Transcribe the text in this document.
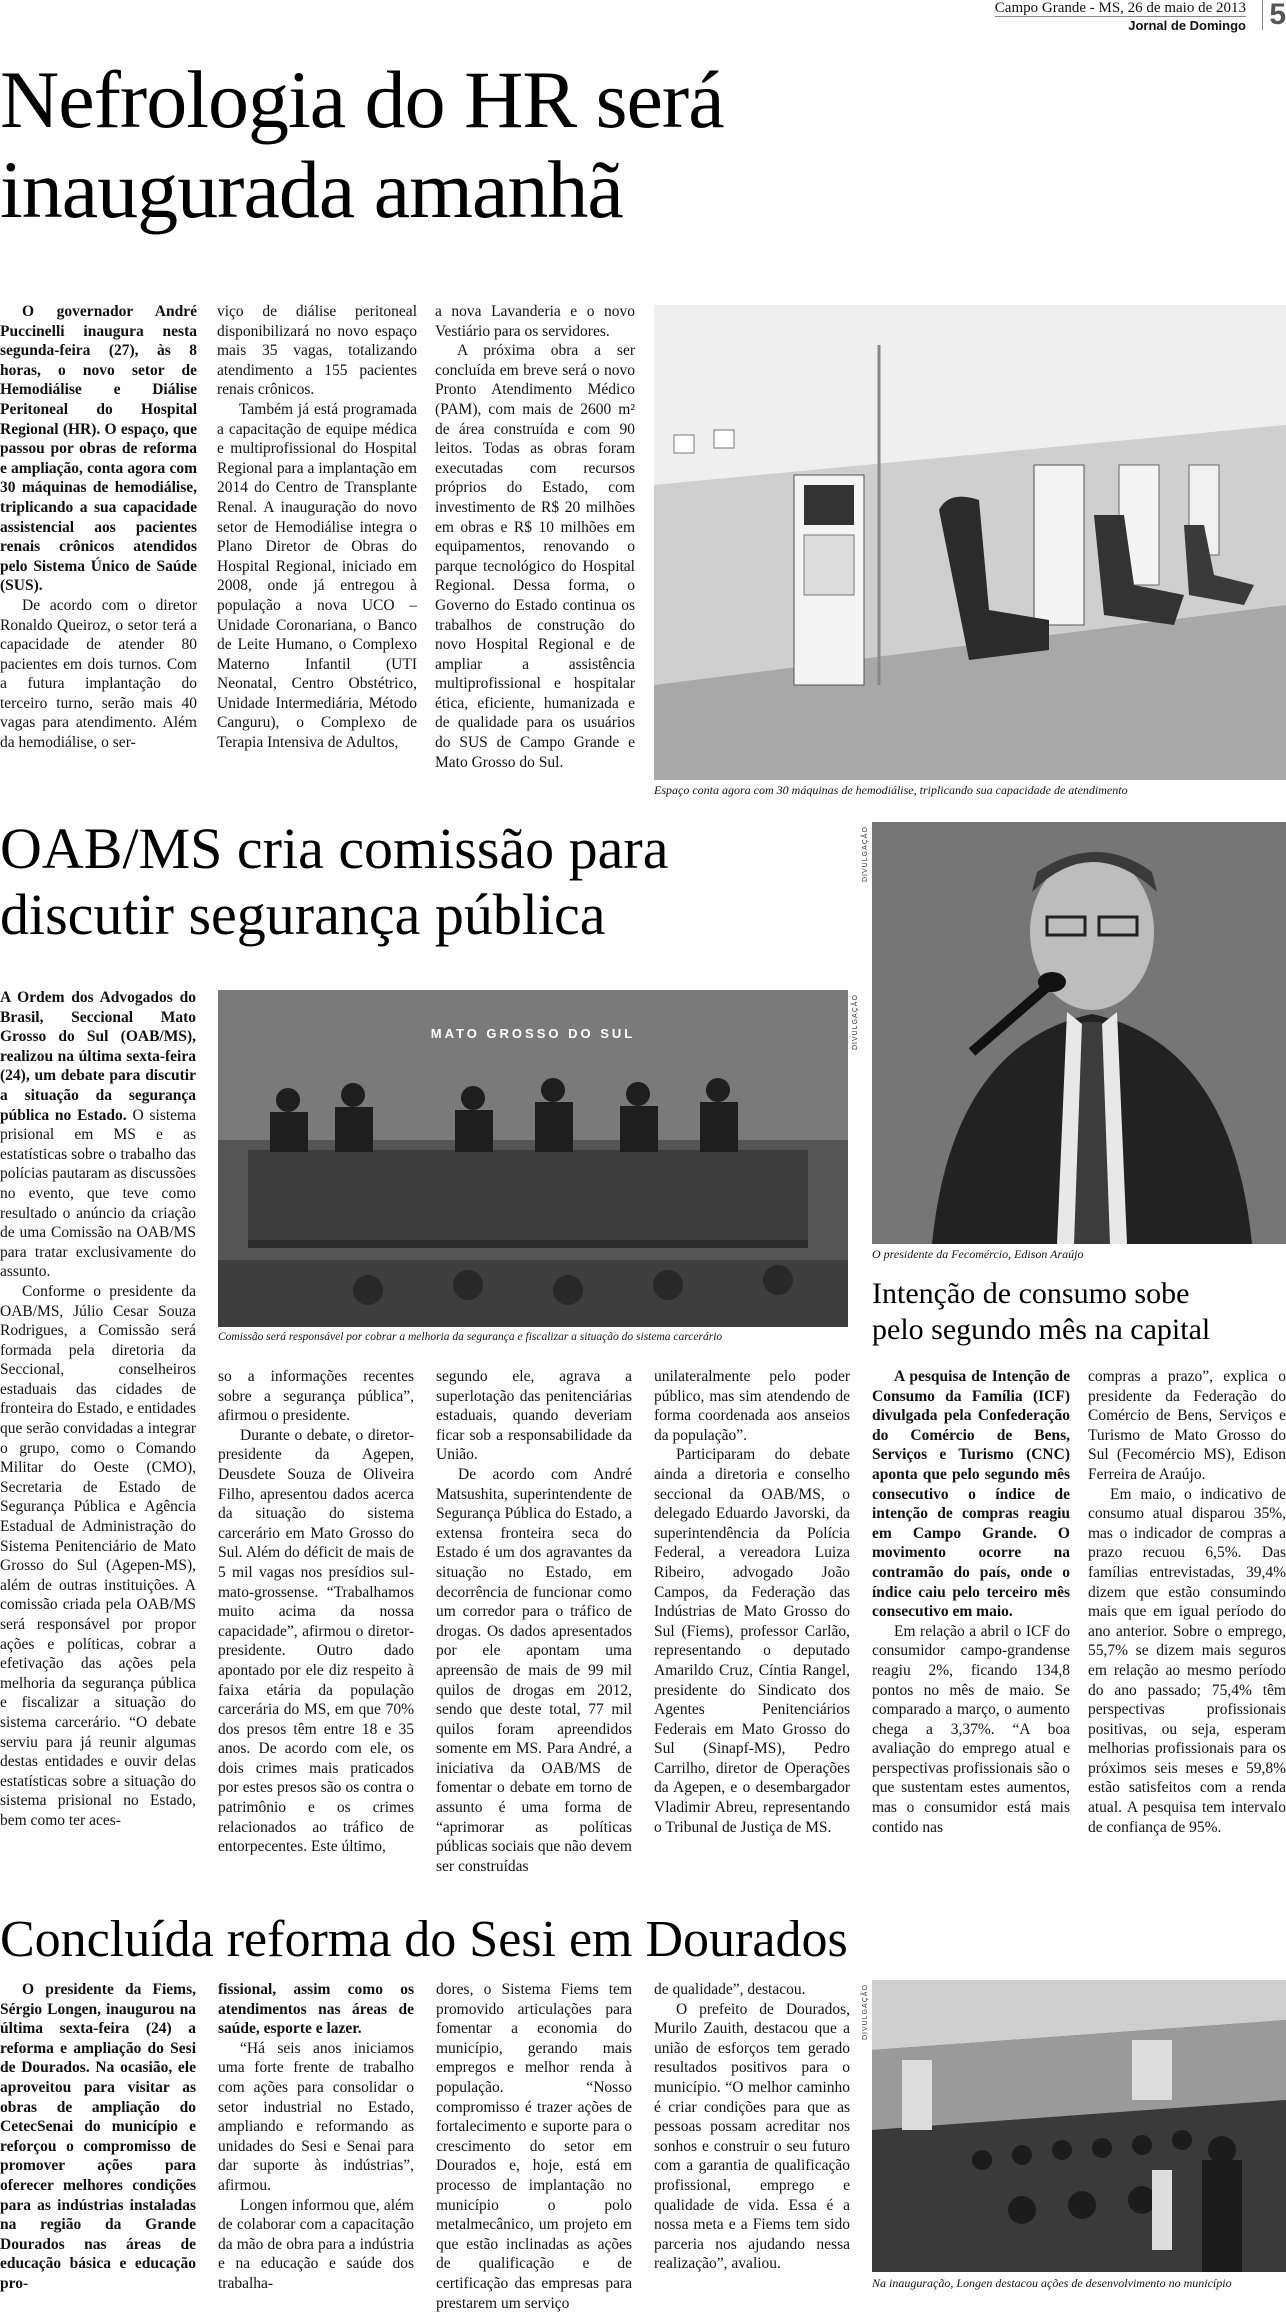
Campo Grande - MS, 26 de maio de 2013
Jornal de Domingo 5
Nefrologia do HR será
inaugurada amanhã

O governador André Puccinelli inaugura nesta segunda-feira (27), às 8 horas, o novo setor de Hemodiálise e Diálise Peritoneal do Hospital Regional (HR). O espaço, que passou por obras de reforma e ampliação, conta agora com 30 máquinas de hemodiálise, triplicando a sua capacidade assistencial aos pacientes renais crônicos atendidos pelo Sistema Único de Saúde (SUS).

De acordo com o diretor Ronaldo Queiroz, o setor terá a capacidade de atender 80 pacientes em dois turnos. Com a futura implantação do terceiro turno, serão mais 40 vagas para atendimento. Além da hemodiálise, o ser-

viço de diálise peritoneal disponibilizará no novo espaço mais 35 vagas, totalizando atendimento a 155 pacientes renais crônicos.

Também já está programada a capacitação de equipe médica e multiprofissional do Hospital Regional para a implantação em 2014 do Centro de Transplante Renal. A inauguração do novo setor de Hemodiálise integra o Plano Diretor de Obras do Hospital Regional, iniciado em 2008, onde já entregou à população a nova UCO – Unidade Coronariana, o Banco de Leite Humano, o Complexo Materno Infantil (UTI Neonatal, Centro Obstétrico, Unidade Intermediária, Método Canguru), o Complexo de Terapia Intensiva de Adultos,

a nova Lavanderia e o novo Vestiário para os servidores.

A próxima obra a ser concluída em breve será o novo Pronto Atendimento Médico (PAM), com mais de 2600 m² de área construída e com 90 leitos. Todas as obras foram executadas com recursos próprios do Estado, com investimento de R$ 20 milhões em obras e R$ 10 milhões em equipamentos, renovando o parque tecnológico do Hospital Regional. Dessa forma, o Governo do Estado continua os trabalhos de construção do novo Hospital Regional e de ampliar a assistência multiprofissional e hospitalar ética, eficiente, humanizada e de qualidade para os usuários do SUS de Campo Grande e Mato Grosso do Sul.

Espaço conta agora com 30 máquinas de hemodiálise, triplicando sua capacidade de atendimento
OAB/MS cria comissão para
discutir segurança pública

A Ordem dos Advogados do Brasil, Seccional Mato Grosso do Sul (OAB/MS), realizou na última sexta-feira (24), um debate para discutir a situação da segurança pública no Estado.

O sistema prisional em MS e as estatísticas sobre o trabalho das polícias pautaram as discussões no evento, que teve como resultado o anúncio da criação de uma Comissão na OAB/MS para tratar exclusivamente do assunto.

Conforme o presidente da OAB/MS, Júlio Cesar Souza Rodrigues, a Comissão será formada pela diretoria da Seccional, conselheiros estaduais das cidades de fronteira do Estado, e entidades que serão convidadas a integrar o grupo, como o Comando Militar do Oeste (CMO), Secretaria de Estado de Segurança Pública e Agência Estadual de Administração do Sistema Penitenciário de Mato Grosso do Sul (Agepen-MS), além de outras instituições. A comissão criada pela OAB/MS será responsável por propor ações e políticas, cobrar a efetivação das ações pela melhoria da segurança pública e fiscalizar a situação do sistema carcerário. “O debate serviu para já reunir algumas destas entidades e ouvir delas estatísticas sobre a situação do sistema prisional no Estado, bem como ter aces-

MATO GROSSO DO SUL	DIVULGAÇÃO
Comissão será responsável por cobrar a melhoria da segurança e fiscalizar a situação do sistema carcerário

so a informações recentes sobre a segurança pública”, afirmou o presidente.

Durante o debate, o diretor-presidente da Agepen, Deusdete Souza de Oliveira Filho, apresentou dados acerca da situação do sistema carcerário em Mato Grosso do Sul. Além do déficit de mais de 5 mil vagas nos presídios sul-mato-grossense. “Trabalhamos muito acima da nossa capacidade”, afirmou o diretor-presidente. Outro dado apontado por ele diz respeito à faixa etária da população carcerária do MS, em que 70% dos presos têm entre 18 e 35 anos. De acordo com ele, os dois crimes mais praticados por estes presos são os contra o patrimônio e os crimes relacionados ao tráfico de entorpecentes. Este último,

segundo ele, agrava a superlotação das penitenciárias estaduais, quando deveriam ficar sob a responsabilidade da União.

De acordo com André Matsushita, superintendente de Segurança Pública do Estado, a extensa fronteira seca do Estado é um dos agravantes da situação no Estado, em decorrência de funcionar como um corredor para o tráfico de drogas. Os dados apresentados por ele apontam uma apreensão de mais de 99 mil quilos de drogas em 2012, sendo que deste total, 77 mil quilos foram apreendidos somente em MS. Para André, a iniciativa da OAB/MS de fomentar o debate em torno de assunto é uma forma de “aprimorar as políticas públicas sociais que não devem ser construídas

unilateralmente pelo poder público, mas sim atendendo de forma coordenada aos anseios da população”.

Participaram do debate ainda a diretoria e conselho seccional da OAB/MS, o delegado Eduardo Javorski, da superintendência da Polícia Federal, a vereadora Luiza Ribeiro, advogado João Campos, da Federação das Indústrias de Mato Grosso do Sul (Fiems), professor Carlão, representando o deputado Amarildo Cruz, Cíntia Rangel, presidente do Sindicato dos Agentes Penitenciários Federais em Mato Grosso do Sul (Sinapf-MS), Pedro Carrilho, diretor de Operações da Agepen, e o desembargador Vladimir Abreu, representando o Tribunal de Justiça de MS.

DIVULGAÇÃO
O presidente da Fecomércio, Edison Araújo
Intenção de consumo sobe
pelo segundo mês na capital

A pesquisa de Intenção de Consumo da Família (ICF) divulgada pela Confederação do Comércio de Bens, Serviços e Turismo (CNC) aponta que pelo segundo mês consecutivo o índice de intenção de compras reagiu em Campo Grande. O movimento ocorre na contramão do país, onde o índice caiu pelo terceiro mês consecutivo em maio.

Em relação a abril o ICF do consumidor campo-grandense reagiu 2%, ficando 134,8 pontos no mês de maio. Se comparado a março, o aumento chega a 3,37%. “A boa avaliação do emprego atual e perspectivas profissionais são o que sustentam estes aumentos, mas o consumidor está mais contido nas

compras a prazo”, explica o presidente da Federação do Comércio de Bens, Serviços e Turismo de Mato Grosso do Sul (Fecomércio MS), Edison Ferreira de Araújo.

Em maio, o indicativo de consumo atual disparou 35%, mas o indicador de compras a prazo recuou 6,5%. Das famílias entrevistadas, 39,4% dizem que estão consumindo mais que em igual período do ano anterior. Sobre o emprego, 55,7% se dizem mais seguros em relação ao mesmo período do ano passado; 75,4% têm perspectivas profissionais positivas, ou seja, esperam melhorias profissionais para os próximos seis meses e 59,8% estão satisfeitos com a renda atual. A pesquisa tem intervalo de confiança de 95%.

Concluída reforma do Sesi em Dourados

O presidente da Fiems, Sérgio Longen, inaugurou na última sexta-feira (24) a reforma e ampliação do Sesi de Dourados. Na ocasião, ele aproveitou para visitar as obras de ampliação do CetecSenai do município e reforçou o compromisso de promover ações para oferecer melhores condições para as indústrias instaladas na região da Grande Dourados nas áreas de educação básica e educação pro-

fissional, assim como os atendimentos nas áreas de saúde, esporte e lazer.

“Há seis anos iniciamos uma forte frente de trabalho com ações para consolidar o setor industrial no Estado, ampliando e reformando as unidades do Sesi e Senai para dar suporte às indústrias”, afirmou.

Longen informou que, além de colaborar com a capacitação da mão de obra para a indústria e na educação e saúde dos trabalha-

dores, o Sistema Fiems tem promovido articulações para fomentar a economia do município, gerando mais empregos e melhor renda à população. “Nosso compromisso é trazer ações de fortalecimento e suporte para o crescimento do setor em Dourados e, hoje, está em processo de implantação no município o polo metalmecânico, um projeto em que estão inclinadas as ações de qualificação e de certificação das empresas para prestarem um serviço

de qualidade”, destacou.

O prefeito de Dourados, Murilo Zauith, destacou que a união de esforços tem gerado resultados positivos para o município. “O melhor caminho é criar condições para que as pessoas possam acreditar nos sonhos e construir o seu futuro com a garantia de qualificação profissional, emprego e qualidade de vida. Essa é a nossa meta e a Fiems tem sido parceria nos ajudando nessa realização”, avaliou.

DIVULGAÇÃO
Na inauguração, Longen destacou ações de desenvolvimento no município
